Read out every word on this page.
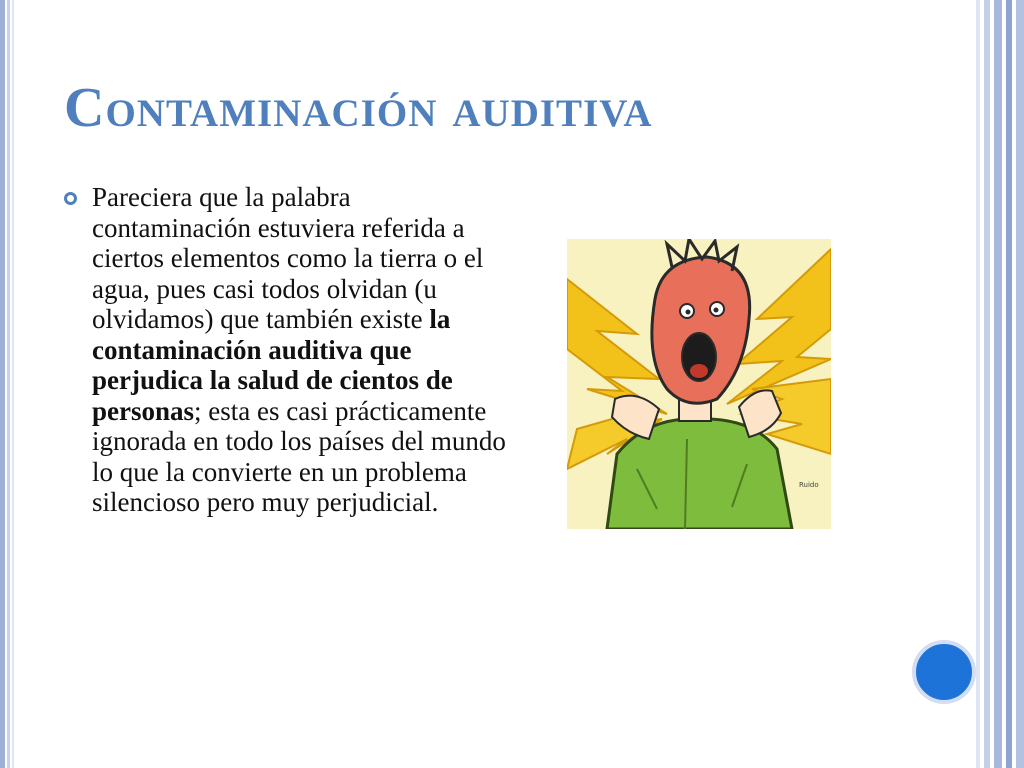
Contaminación auditiva

Pareciera que la palabra contaminación estuviera referida a ciertos elementos como la tierra o el agua, pues casi todos olvidan (u olvidamos) que también existe la contaminación auditiva que perjudica la salud de cientos de personas; esta es casi prácticamente ignorada en todo los países del mundo lo que la convierte en un problema silencioso pero muy perjudicial.

Ruido
